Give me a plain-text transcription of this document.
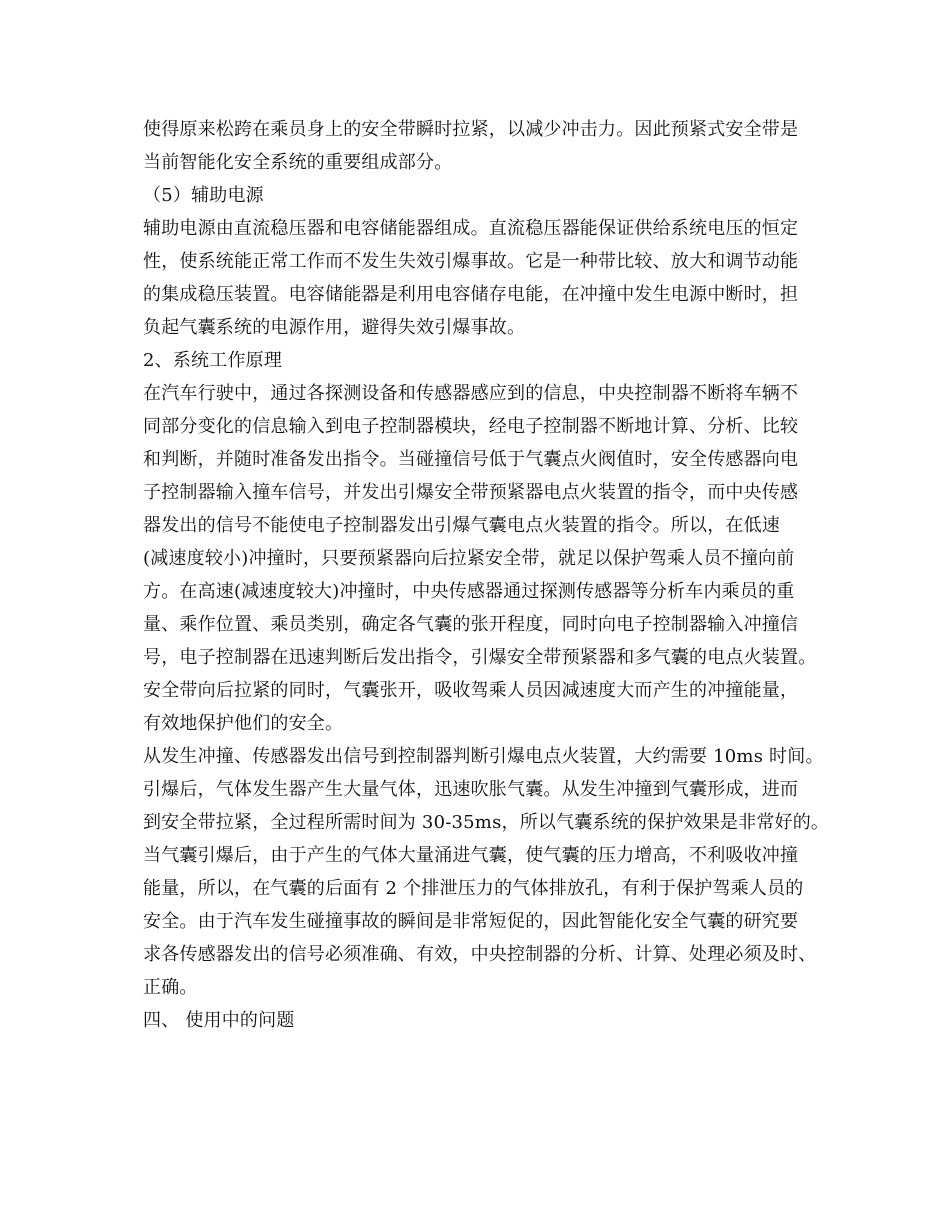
使得原来松跨在乘员身上的安全带瞬时拉紧，以减少冲击力。因此预紧式安全带是
当前智能化安全系统的重要组成部分。
（5）辅助电源
辅助电源由直流稳压器和电容储能器组成。直流稳压器能保证供给系统电压的恒定
性，使系统能正常工作而不发生失效引爆事故。它是一种带比较、放大和调节动能
的集成稳压装置。电容储能器是利用电容储存电能，在冲撞中发生电源中断时，担
负起气囊系统的电源作用，避得失效引爆事故。
2、系统工作原理
在汽车行驶中，通过各探测设备和传感器感应到的信息，中央控制器不断将车辆不
同部分变化的信息输入到电子控制器模块，经电子控制器不断地计算、分析、比较
和判断，并随时准备发出指令。当碰撞信号低于气囊点火阀值时，安全传感器向电
子控制器输入撞车信号，并发出引爆安全带预紧器电点火装置的指令，而中央传感
器发出的信号不能使电子控制器发出引爆气囊电点火装置的指令。所以，在低速
(减速度较小)冲撞时，只要预紧器向后拉紧安全带，就足以保护驾乘人员不撞向前
方。在高速(减速度较大)冲撞时，中央传感器通过探测传感器等分析车内乘员的重
量、乘作位置、乘员类别，确定各气囊的张开程度，同时向电子控制器输入冲撞信
号，电子控制器在迅速判断后发出指令，引爆安全带预紧器和多气囊的电点火装置。
安全带向后拉紧的同时，气囊张开，吸收驾乘人员因减速度大而产生的冲撞能量，
有效地保护他们的安全。
从发生冲撞、传感器发出信号到控制器判断引爆电点火装置，大约需要 10ms 时间。
引爆后，气体发生器产生大量气体，迅速吹胀气囊。从发生冲撞到气囊形成，进而
到安全带拉紧，全过程所需时间为 30-35ms，所以气囊系统的保护效果是非常好的。
当气囊引爆后，由于产生的气体大量涌进气囊，使气囊的压力增高，不利吸收冲撞
能量，所以，在气囊的后面有 2 个排泄压力的气体排放孔，有利于保护驾乘人员的
安全。由于汽车发生碰撞事故的瞬间是非常短促的，因此智能化安全气囊的研究要
求各传感器发出的信号必须准确、有效，中央控制器的分析、计算、处理必须及时、
正确。
四、 使用中的问题
